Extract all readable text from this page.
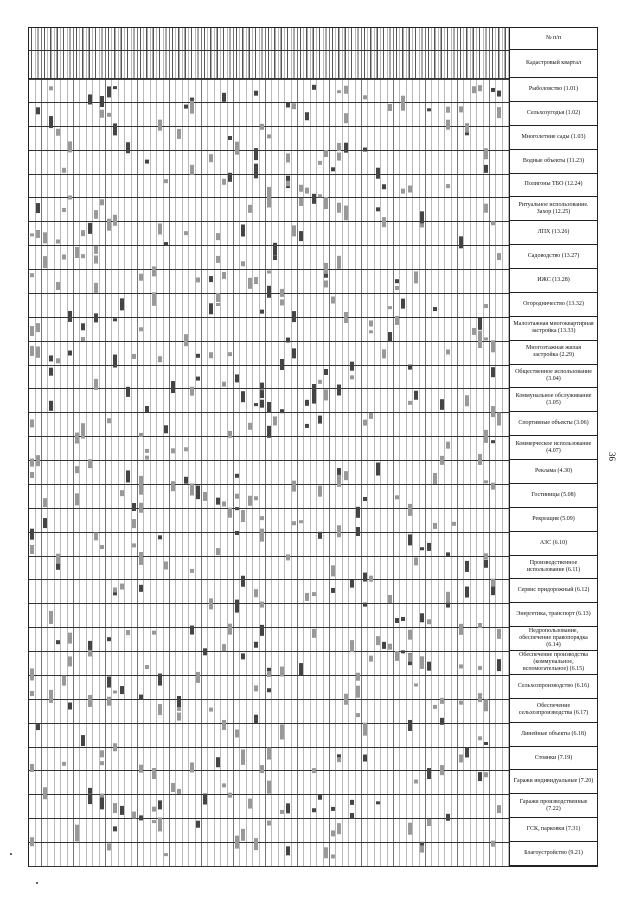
№ п/п
Кадастровый квартал
Рыболовство (1.01)
Сельхозугодья (1.02)
Многолетние сады (1.03)
Водные объекты (11.23)
Полигоны ТБО (12.24)
Ритуальное использование. Захор (12.25)
ЛПХ (13.26)
Садоводство (13.27)
ИЖС (13.28)
Огородничество (13.32)
Малоэтажная многоквартирная застройка (13.33)
Многоэтажная жилая застройка (2.29)
Общественное использование (3.04)
Коммунальное обслуживание (3.05)
Спортивные объекты (3.06)
Коммерческое использование (4.07)
Реклама (4.30)
Гостиницы (5.08)
Рекреация (5.09)
АЗС (6.10)
Производственное использование (6.11)
Сервис придорожный (6.12)
Энергетика, транспорт (6.13)
Недропользование, обеспечение правопорядка (6.14)
Обеспечение производства (коммунальное, вспомогательное) (6.15)
Сельхозпроизводство (6.16)
Обеспечение сельхозпроизводства (6.17)
Линейные объекты (6.18)
Стоянки (7.19)
Гаражи индивидуальные (7.20)
Гаражи производственные (7.22)
ГСК, парковки (7.31)
Благоустройство (9.21)
36
